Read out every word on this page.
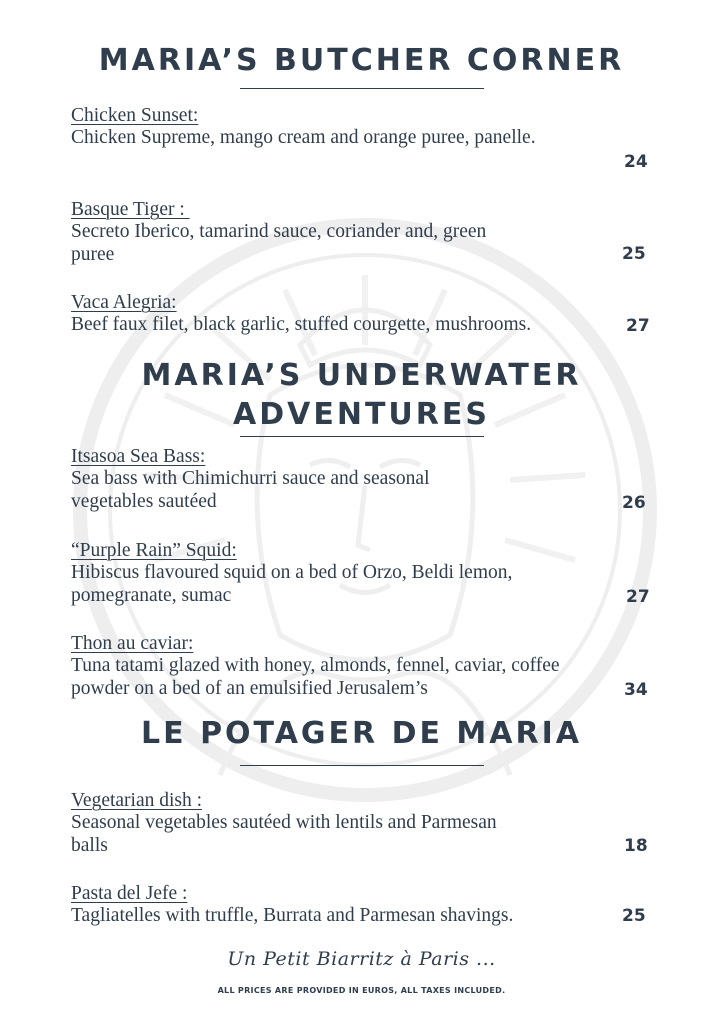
MARIA’S BUTCHER CORNER
Chicken Sunset:
Chicken Supreme, mango cream and orange puree, panelle.
24
Basque Tiger :
Secreto Iberico, tamarind sauce, coriander and, green puree	25
Vaca Alegria:
Beef faux filet, black garlic, stuffed courgette, mushrooms.	27
MARIA’S UNDERWATER
ADVENTURES
Itsasoa Sea Bass:
Sea bass with Chimichurri sauce and seasonal vegetables sautéed	26
“Purple Rain” Squid:
Hibiscus flavoured squid on a bed of Orzo, Beldi lemon, pomegranate, sumac	27
Thon au caviar:
Tuna tatami glazed with honey, almonds, fennel, caviar, coffee powder on a bed of an emulsified Jerusalem’s	34
LE POTAGER DE MARIA
Vegetarian dish :
Seasonal vegetables sautéed with lentils and Parmesan balls	18
Pasta del Jefe :
Tagliatelles with truffle, Burrata and Parmesan shavings.	25
Un Petit Biarritz à Paris ...
ALL PRICES ARE PROVIDED IN EUROS, ALL TAXES INCLUDED.
